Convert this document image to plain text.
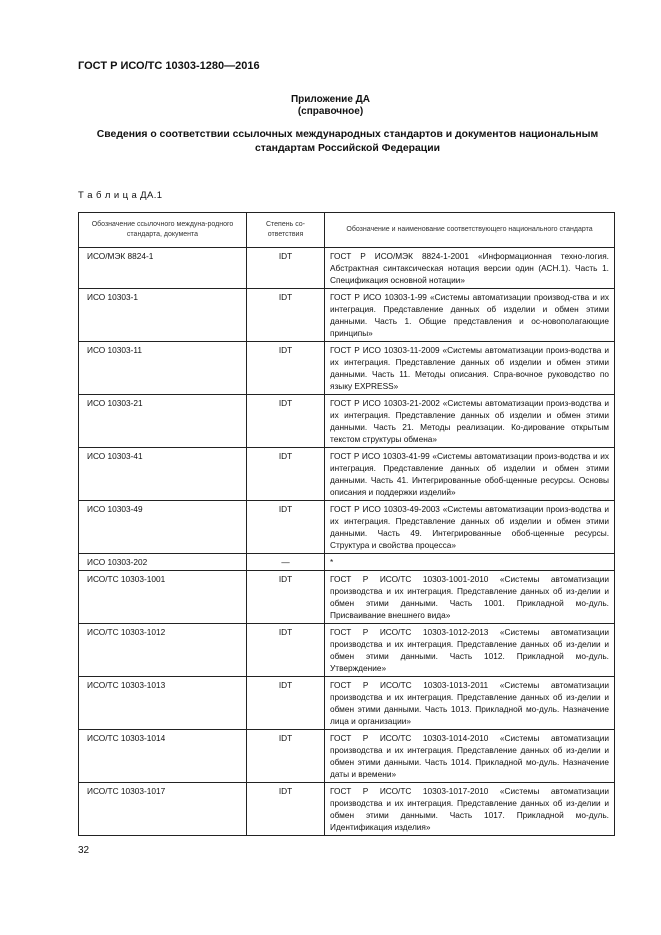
ГОСТ Р ИСО/ТС 10303-1280—2016
Приложение ДА
(справочное)
Сведения о соответствии ссылочных международных стандартов и документов национальным стандартам Российской Федерации
Т а б л и ц а ДА.1
Обозначение ссылочного междуна-родного стандарта, документа	Степень со-ответствия	Обозначение и наименование соответствующего национального стандарта
ИСО/МЭК 8824-1	IDT	ГОСТ Р ИСО/МЭК 8824-1-2001 «Информационная техно-логия. Абстрактная синтаксическая нотация версии один (АСН.1). Часть 1. Спецификация основной нотации»
ИСО 10303-1	IDT	ГОСТ Р ИСО 10303-1-99 «Системы автоматизации производ-ства и их интеграция. Представление данных об изделии и обмен этими данными. Часть 1. Общие представления и ос-новополагающие принципы»
ИСО 10303-11	IDT	ГОСТ Р ИСО 10303-11-2009 «Системы автоматизации произ-водства и их интеграция. Представление данных об изделии и обмен этими данными. Часть 11. Методы описания. Спра-вочное руководство по языку EXPRESS»
ИСО 10303-21	IDT	ГОСТ Р ИСО 10303-21-2002 «Системы автоматизации произ-водства и их интеграция. Представление данных об изделии и обмен этими данными. Часть 21. Методы реализации. Ко-дирование открытым текстом структуры обмена»
ИСО 10303-41	IDT	ГОСТ Р ИСО 10303-41-99 «Системы автоматизации произ-водства и их интеграция. Представление данных об изделии и обмен этими данными. Часть 41. Интегрированные обоб-щенные ресурсы. Основы описания и поддержки изделий»
ИСО 10303-49	IDT	ГОСТ Р ИСО 10303-49-2003 «Системы автоматизации произ-водства и их интеграция. Представление данных об изделии и обмен этими данными. Часть 49. Интегрированные обоб-щенные ресурсы. Структура и свойства процесса»
ИСО 10303-202	—	*
ИСО/ТС 10303-1001	IDT	ГОСТ Р ИСО/ТС 10303-1001-2010 «Системы автоматизации производства и их интеграция. Представление данных об из-делии и обмен этими данными. Часть 1001. Прикладной мо-дуль. Присваивание внешнего вида»
ИСО/ТС 10303-1012	IDT	ГОСТ Р ИСО/ТС 10303-1012-2013 «Системы автоматизации производства и их интеграция. Представление данных об из-делии и обмен этими данными. Часть 1012. Прикладной мо-дуль. Утверждение»
ИСО/ТС 10303-1013	IDT	ГОСТ Р ИСО/ТС 10303-1013-2011 «Системы автоматизации производства и их интеграция. Представление данных об из-делии и обмен этими данными. Часть 1013. Прикладной мо-дуль. Назначение лица и организации»
ИСО/ТС 10303-1014	IDT	ГОСТ Р ИСО/ТС 10303-1014-2010 «Системы автоматизации производства и их интеграция. Представление данных об из-делии и обмен этими данными. Часть 1014. Прикладной мо-дуль. Назначение даты и времени»
ИСО/ТС 10303-1017	IDT	ГОСТ Р ИСО/ТС 10303-1017-2010 «Системы автоматизации производства и их интеграция. Представление данных об из-делии и обмен этими данными. Часть 1017. Прикладной мо-дуль. Идентификация изделия»
32
